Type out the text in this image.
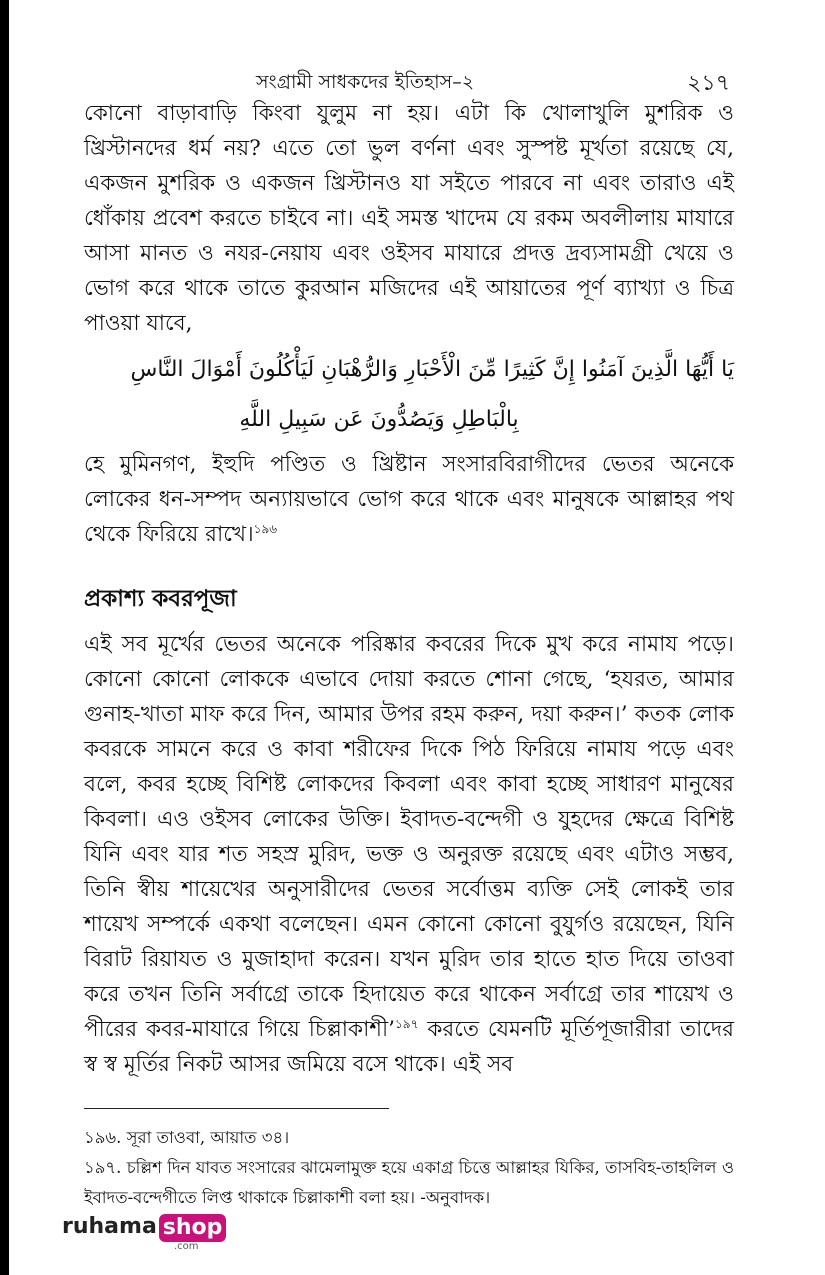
সংগ্রামী সাধকদের ইতিহাস–২	২১৭

কোনো বাড়াবাড়ি কিংবা যুলুম না হয়। এটা কি খোলাখুলি মুশরিক ও খ্রিস্টানদের ধর্ম নয়? এতে তো ভুল বর্ণনা এবং সুস্পষ্ট মূর্খতা রয়েছে যে, একজন মুশরিক ও একজন খ্রিস্টানও যা সইতে পারবে না এবং তারাও এই ধোঁকায় প্রবেশ করতে চাইবে না। এই সমস্ত খাদেম যে রকম অবলীলায় মাযারে আসা মানত ও নযর-নেয়ায এবং ওইসব মাযারে প্রদত্ত দ্রব্যসামগ্রী খেয়ে ও ভোগ করে থাকে তাতে কুরআন মজিদের এই আয়াতের পূর্ণ ব্যাখ্যা ও চিত্র পাওয়া যাবে,

يَا أَيُّهَا الَّذِينَ آمَنُوا إِنَّ كَثِيرًا مِّنَ الْأَحْبَارِ وَالرُّهْبَانِ لَيَأْكُلُونَ أَمْوَالَ النَّاسِ
بِالْبَاطِلِ وَيَصُدُّونَ عَن سَبِيلِ اللَّهِ

হে মুমিনগণ, ইহুদি পণ্ডিত ও খ্রিষ্টান সংসারবিরাগীদের ভেতর অনেকে লোকের ধন-সম্পদ অন্যায়ভাবে ভোগ করে থাকে এবং মানুষকে আল্লাহর পথ থেকে ফিরিয়ে রাখে।$^{১৯৬}$

প্রকাশ্য কবরপূজা

এই সব মূর্খের ভেতর অনেকে পরিষ্কার কবরের দিকে মুখ করে নামায পড়ে। কোনো কোনো লোককে এভাবে দোয়া করতে শোনা গেছে, ‘হযরত, আমার গুনাহ-খাতা মাফ করে দিন, আমার উপর রহম করুন, দয়া করুন।’ কতক লোক কবরকে সামনে করে ও কাবা শরীফের দিকে পিঠ ফিরিয়ে নামায পড়ে এবং বলে, কবর হচ্ছে বিশিষ্ট লোকদের কিবলা এবং কাবা হচ্ছে সাধারণ মানুষের কিবলা। এও ওইসব লোকের উক্তি। ইবাদত-বন্দেগী ও যুহদের ক্ষেত্রে বিশিষ্ট যিনি এবং যার শত সহস্র মুরিদ, ভক্ত ও অনুরক্ত রয়েছে এবং এটাও সম্ভব, তিনি স্বীয় শায়েখের অনুসারীদের ভেতর সর্বোত্তম ব্যক্তি সেই লোকই তার শায়েখ সম্পর্কে একথা বলেছেন। এমন কোনো কোনো বুযুর্গও রয়েছেন, যিনি বিরাট রিয়াযত ও মুজাহাদা করেন। যখন মুরিদ তার হাতে হাত দিয়ে তাওবা করে তখন তিনি সর্বাগ্রে তাকে হিদায়েত করে থাকেন সর্বাগ্রে তার শায়েখ ও পীরের কবর-মাযারে গিয়ে চিল্লাকাশী’$^{১৯৭}$ করতে যেমনটি মূর্তিপূজারীরা তাদের স্ব স্ব মূর্তির নিকট আসর জমিয়ে বসে থাকে। এই সব

১৯৬. সূরা তাওবা, আয়াত ৩৪।

১৯৭. চল্লিশ দিন যাবত সংসারের ঝামেলামুক্ত হয়ে একাগ্র চিত্তে আল্লাহর যিকির, তাসবিহ-তাহলিল ও ইবাদত-বন্দেগীতে লিপ্ত থাকাকে চিল্লাকাশী বলা হয়। -অনুবাদক।

ruhama shop
.com
